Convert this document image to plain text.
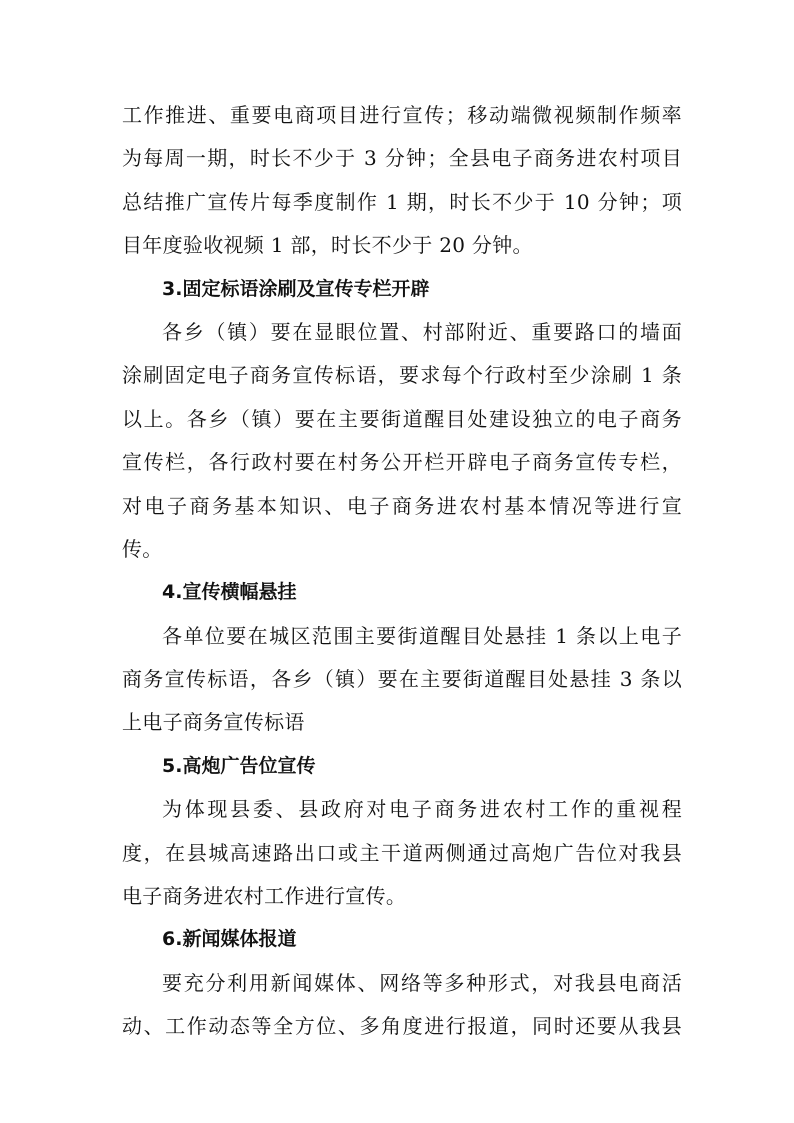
工作推进、重要电商项目进行宣传；移动端微视频制作频率
为每周一期，时长不少于 3 分钟；全县电子商务进农村项目
总结推广宣传片每季度制作 1 期，时长不少于 10 分钟；项
目年度验收视频 1 部，时长不少于 20 分钟。
3.固定标语涂刷及宣传专栏开辟
各乡（镇）要在显眼位置、村部附近、重要路口的墙面
涂刷固定电子商务宣传标语，要求每个行政村至少涂刷 1 条
以上。各乡（镇）要在主要街道醒目处建设独立的电子商务
宣传栏，各行政村要在村务公开栏开辟电子商务宣传专栏，
对电子商务基本知识、电子商务进农村基本情况等进行宣
传。
4.宣传横幅悬挂
各单位要在城区范围主要街道醒目处悬挂 1 条以上电子
商务宣传标语，各乡（镇）要在主要街道醒目处悬挂 3 条以
上电子商务宣传标语
5.高炮广告位宣传
为体现县委、县政府对电子商务进农村工作的重视程
度，在县城高速路出口或主干道两侧通过高炮广告位对我县
电子商务进农村工作进行宣传。
6.新闻媒体报道
要充分利用新闻媒体、网络等多种形式，对我县电商活
动、工作动态等全方位、多角度进行报道，同时还要从我县
